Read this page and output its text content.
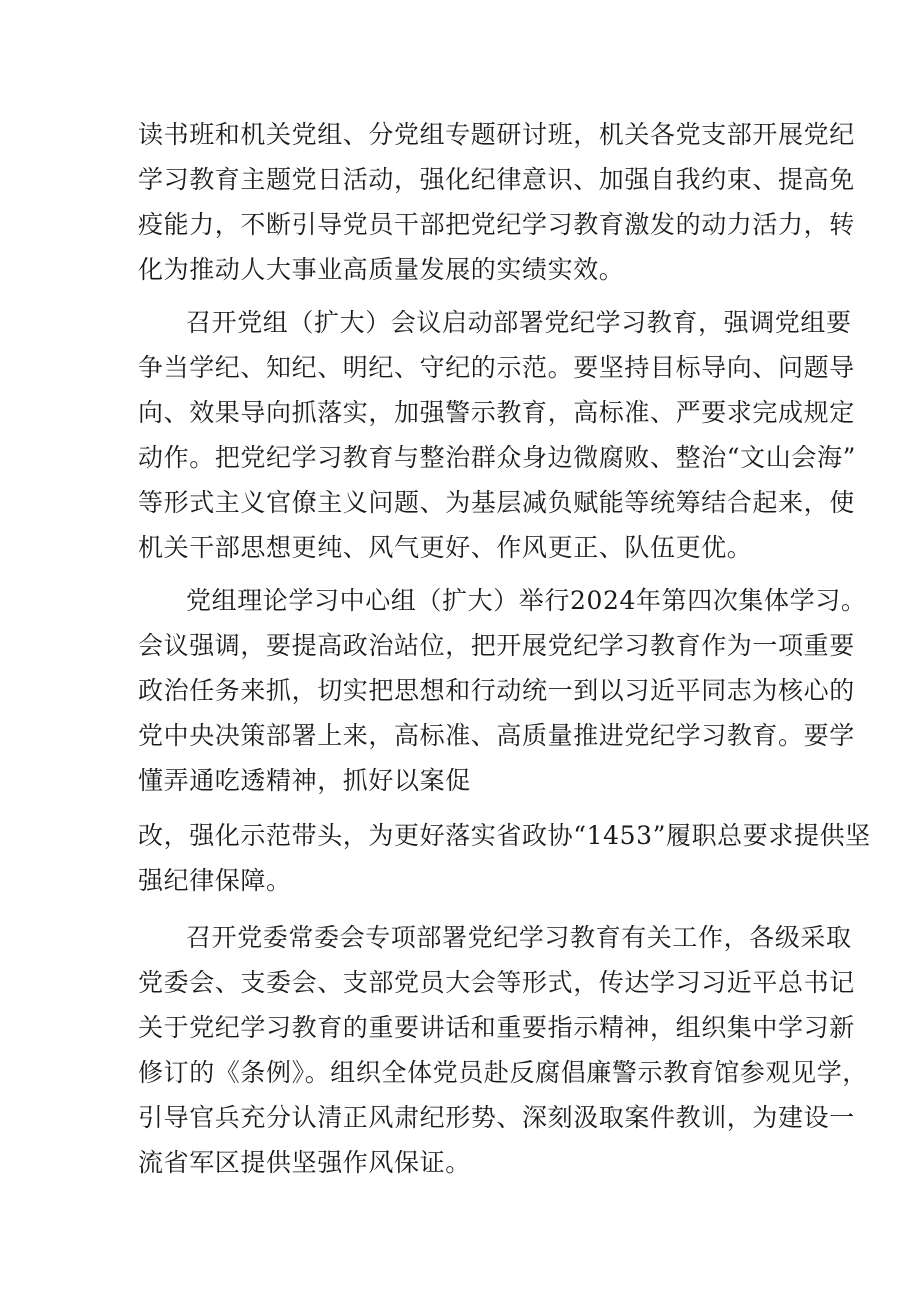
读书班和机关党组、分党组专题研讨班，机关各党支部开展党纪
学习教育主题党日活动，强化纪律意识、加强自我约束、提高免
疫能力，不断引导党员干部把党纪学习教育激发的动力活力，转
化为推动人大事业高质量发展的实绩实效。
召开党组（扩大）会议启动部署党纪学习教育，强调党组要
争当学纪、知纪、明纪、守纪的示范。要坚持目标导向、问题导
向、效果导向抓落实，加强警示教育，高标准、严要求完成规定
动作。把党纪学习教育与整治群众身边微腐败、整治“文山会海”
等形式主义官僚主义问题、为基层减负赋能等统筹结合起来，使
机关干部思想更纯、风气更好、作风更正、队伍更优。
党组理论学习中心组（扩大）举行2024年第四次集体学习。
会议强调，要提高政治站位，把开展党纪学习教育作为一项重要
政治任务来抓，切实把思想和行动统一到以习近平同志为核心的
党中央决策部署上来，高标准、高质量推进党纪学习教育。要学
懂弄通吃透精神，抓好以案促
改，强化示范带头，为更好落实省政协“1453”履职总要求提供坚
强纪律保障。
召开党委常委会专项部署党纪学习教育有关工作，各级采取
党委会、支委会、支部党员大会等形式，传达学习习近平总书记
关于党纪学习教育的重要讲话和重要指示精神，组织集中学习新
修订的《条例》。组织全体党员赴反腐倡廉警示教育馆参观见学，
引导官兵充分认清正风肃纪形势、深刻汲取案件教训，为建设一
流省军区提供坚强作风保证。
